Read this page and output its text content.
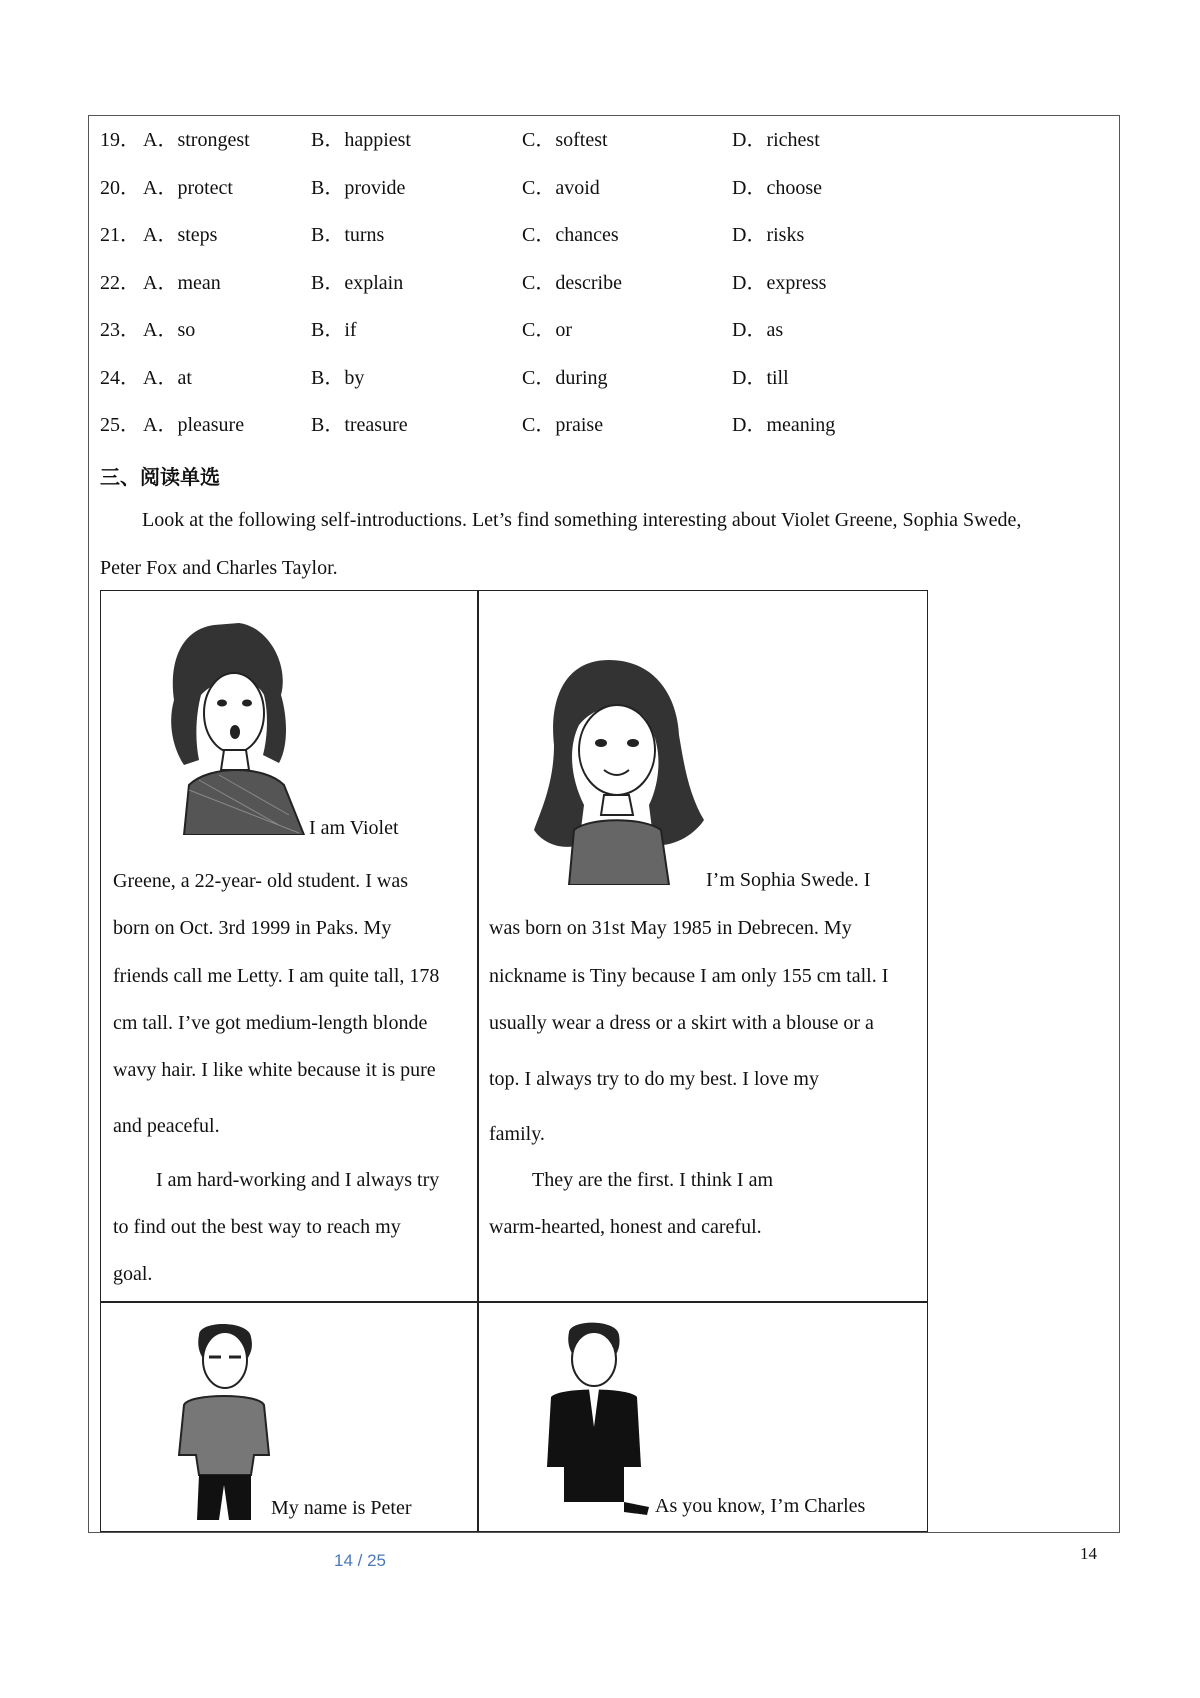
19． A．strongest	B．happiest	C．softest	D．richest
20． A．protect	B．provide	C．avoid	D．choose
21． A．steps	B．turns	C．chances	D．risks
22． A．mean	B．explain	C．describe	D．express
23． A．so	B．if	C．or	D．as
24． A．at	B．by	C．during	D．till
25． A．pleasure	B．treasure	C．praise	D．meaning
三、阅读单选
Look at the following self-introductions. Let’s find something interesting about Violet Greene, Sophia Swede,
Peter Fox and Charles Taylor.
I am Violet
Greene, a 22-year- old student. I was
born on Oct. 3rd 1999 in Paks. My
friends call me Letty. I am quite tall, 178
cm tall. I’ve got medium-length blonde
wavy hair. I like white because it is pure
and peaceful.
I am hard-working and I always try
to find out the best way to reach my
goal.
I’m Sophia Swede. I
was born on 31st May 1985 in Debrecen. My
nickname is Tiny because I am only 155 cm tall. I
usually wear a dress or a skirt with a blouse or a
top. I always try to do my best. I love my
family.
They are the first. I think I am
warm-hearted, honest and careful.
My name is Peter	As you know, I’m Charles
14 / 25	14
